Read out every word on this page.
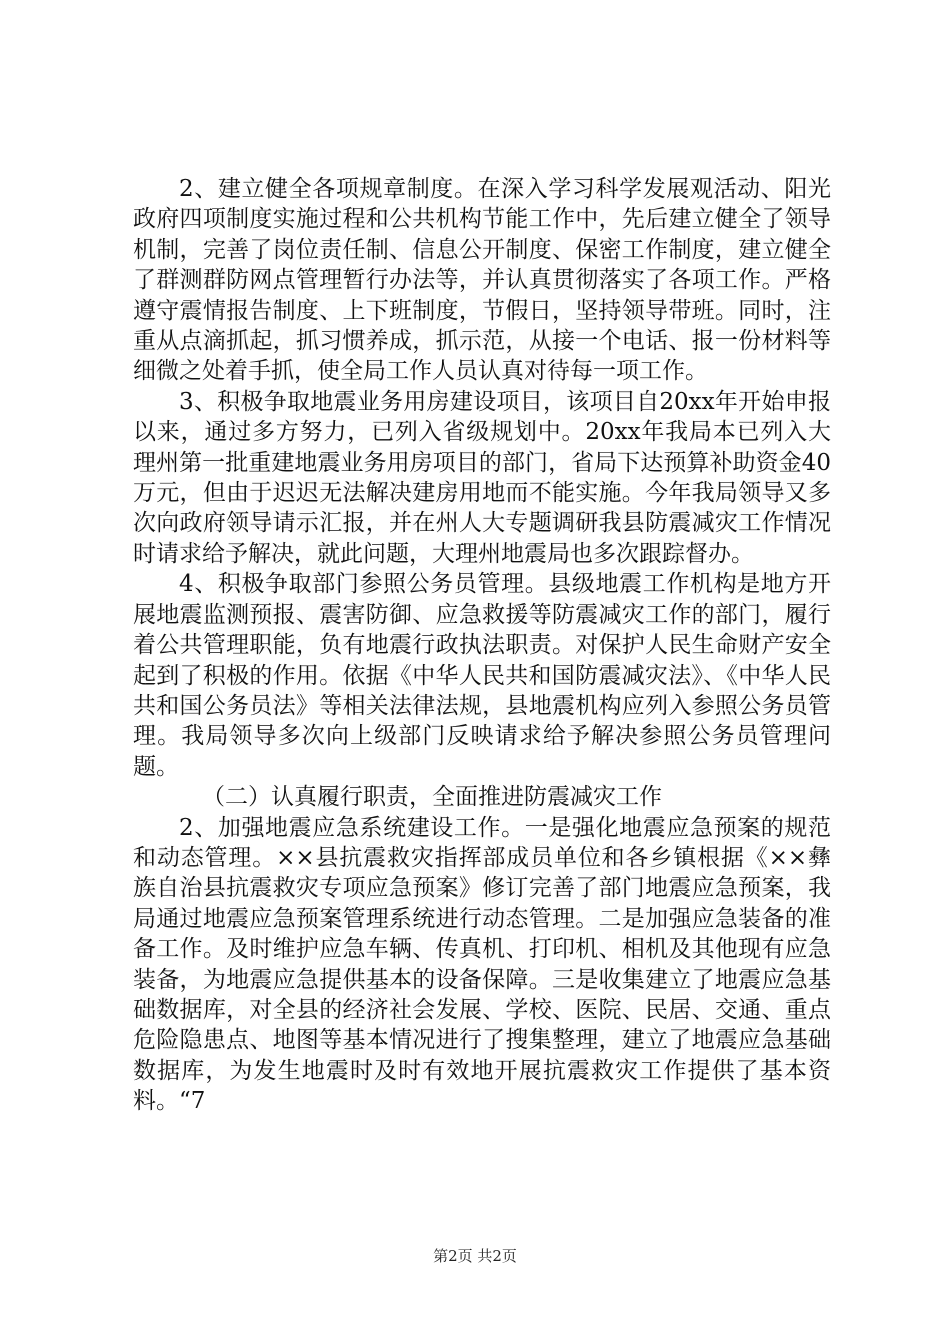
2、建立健全各项规章制度。在深入学习科学发展观活动、阳光政府四项制度实施过程和公共机构节能工作中，先后建立健全了领导机制，完善了岗位责任制、信息公开制度、保密工作制度，建立健全了群测群防网点管理暂行办法等，并认真贯彻落实了各项工作。严格遵守震情报告制度、上下班制度，节假日，坚持领导带班。同时，注重从点滴抓起，抓习惯养成，抓示范，从接一个电话、报一份材料等细微之处着手抓，使全局工作人员认真对待每一项工作。

3、积极争取地震业务用房建设项目，该项目自20xx年开始申报以来，通过多方努力，已列入省级规划中。20xx年我局本已列入大理州第一批重建地震业务用房项目的部门，省局下达预算补助资金40万元，但由于迟迟无法解决建房用地而不能实施。今年我局领导又多次向政府领导请示汇报，并在州人大专题调研我县防震减灾工作情况时请求给予解决，就此问题，大理州地震局也多次跟踪督办。

4、积极争取部门参照公务员管理。县级地震工作机构是地方开展地震监测预报、震害防御、应急救援等防震减灾工作的部门，履行着公共管理职能，负有地震行政执法职责。对保护人民生命财产安全起到了积极的作用。依据《中华人民共和国防震减灾法》、《中华人民共和国公务员法》等相关法律法规，县地震机构应列入参照公务员管理。我局领导多次向上级部门反映请求给予解决参照公务员管理问题。

（二）认真履行职责，全面推进防震减灾工作

2、加强地震应急系统建设工作。一是强化地震应急预案的规范和动态管理。××县抗震救灾指挥部成员单位和各乡镇根据《××彝族自治县抗震救灾专项应急预案》修订完善了部门地震应急预案，我局通过地震应急预案管理系统进行动态管理。二是加强应急装备的准备工作。及时维护应急车辆、传真机、打印机、相机及其他现有应急装备，为地震应急提供基本的设备保障。三是收集建立了地震应急基础数据库，对全县的经济社会发展、学校、医院、民居、交通、重点危险隐患点、地图等基本情况进行了搜集整理，建立了地震应急基础数据库，为发生地震时及时有效地开展抗震救灾工作提供了基本资料。“7

第2页 共2页
